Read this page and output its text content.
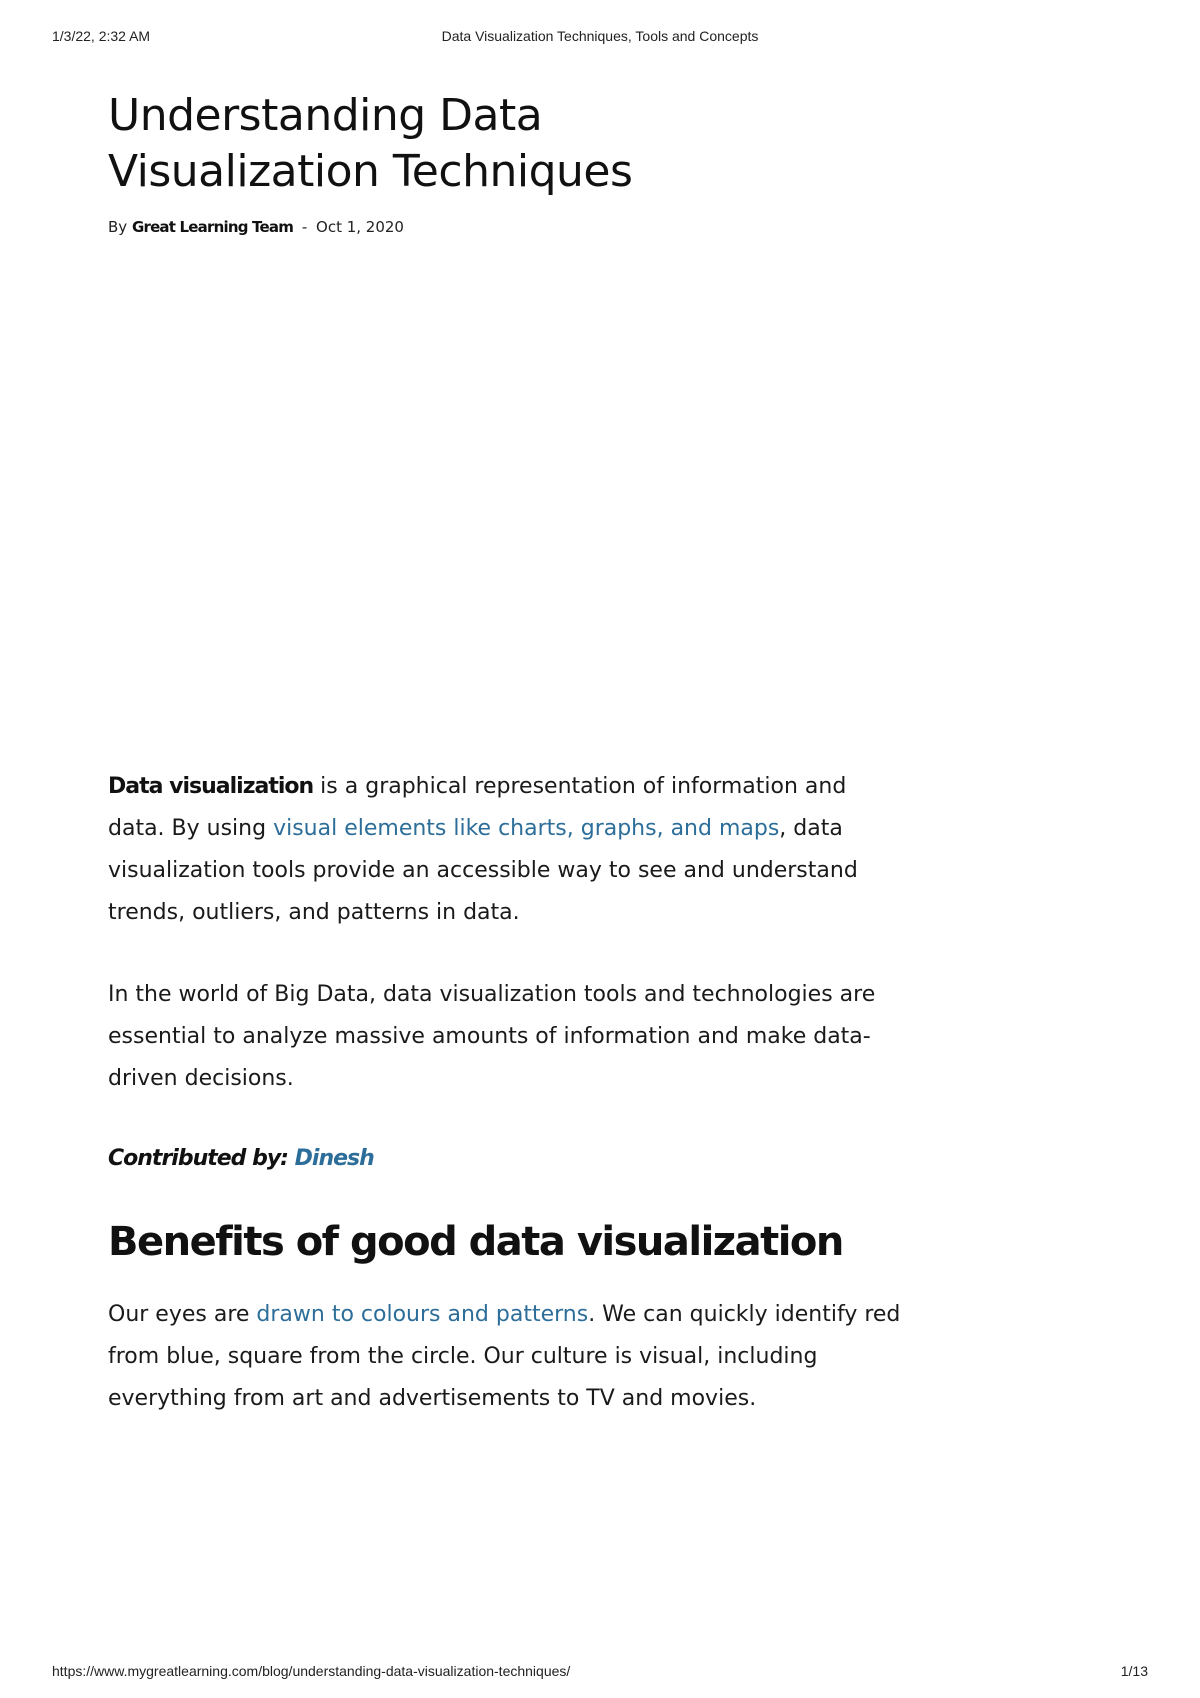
1/3/22, 2:32 AM	Data Visualization Techniques, Tools and Concepts
Understanding Data
Visualization Techniques
By Great Learning Team - Oct 1, 2020

Data visualization is a graphical representation of information and data. By using visual elements like charts, graphs, and maps, data visualization tools provide an accessible way to see and understand trends, outliers, and patterns in data.

In the world of Big Data, data visualization tools and technologies are essential to analyze massive amounts of information and make data-driven decisions.

Contributed by: Dinesh
Benefits of good data visualization

Our eyes are drawn to colours and patterns. We can quickly identify red from blue, square from the circle. Our culture is visual, including everything from art and advertisements to TV and movies.

https://www.mygreatlearning.com/blog/understanding-data-visualization-techniques/	1/13
